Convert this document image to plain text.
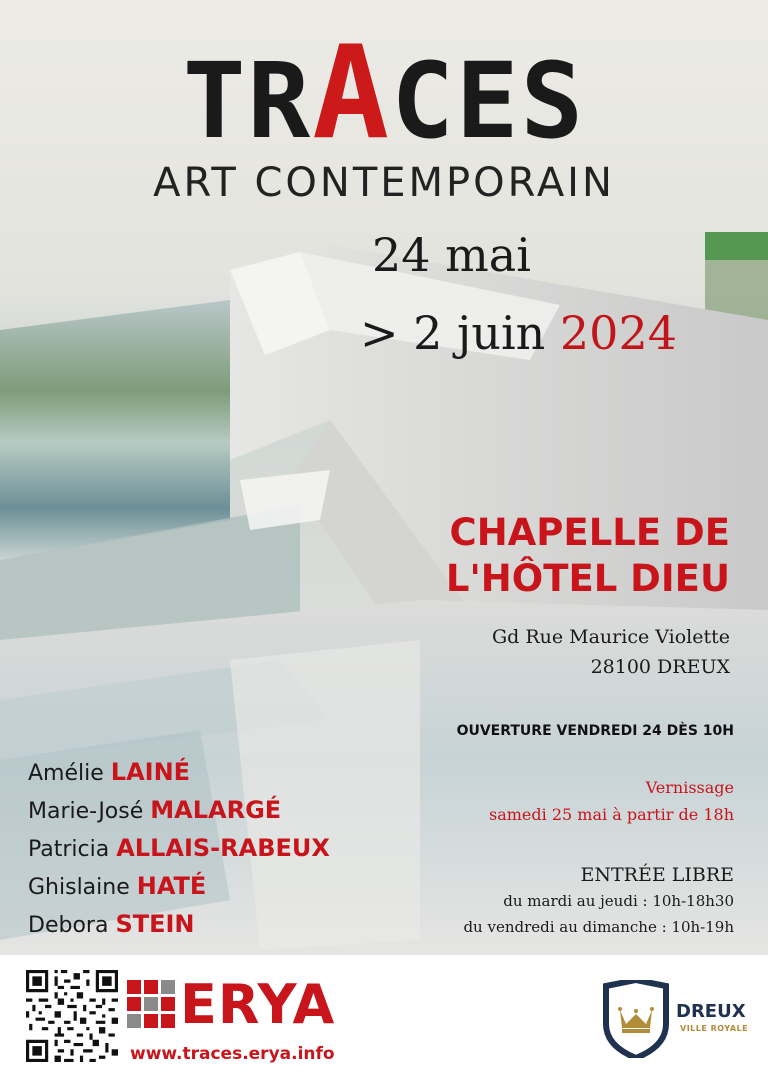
TRACES
ART CONTEMPORAIN
24 mai
> 2 juin 2024
CHAPELLE DE
L'HÔTEL DIEU
Gd Rue Maurice Violette
28100 DREUX
OUVERTURE VENDREDI 24 DÈS 10H
Vernissage
samedi 25 mai à partir de 18h
ENTRÉE LIBRE
du mardi au jeudi : 10h-18h30
du vendredi au dimanche : 10h-19h

Amélie LAINÉ

Marie-José MALARGÉ

Patricia ALLAIS-RABEUX

Ghislaine HATÉ

Debora STEIN

ERYA
www.traces.erya.info
DREUX
VILLE ROYALE
